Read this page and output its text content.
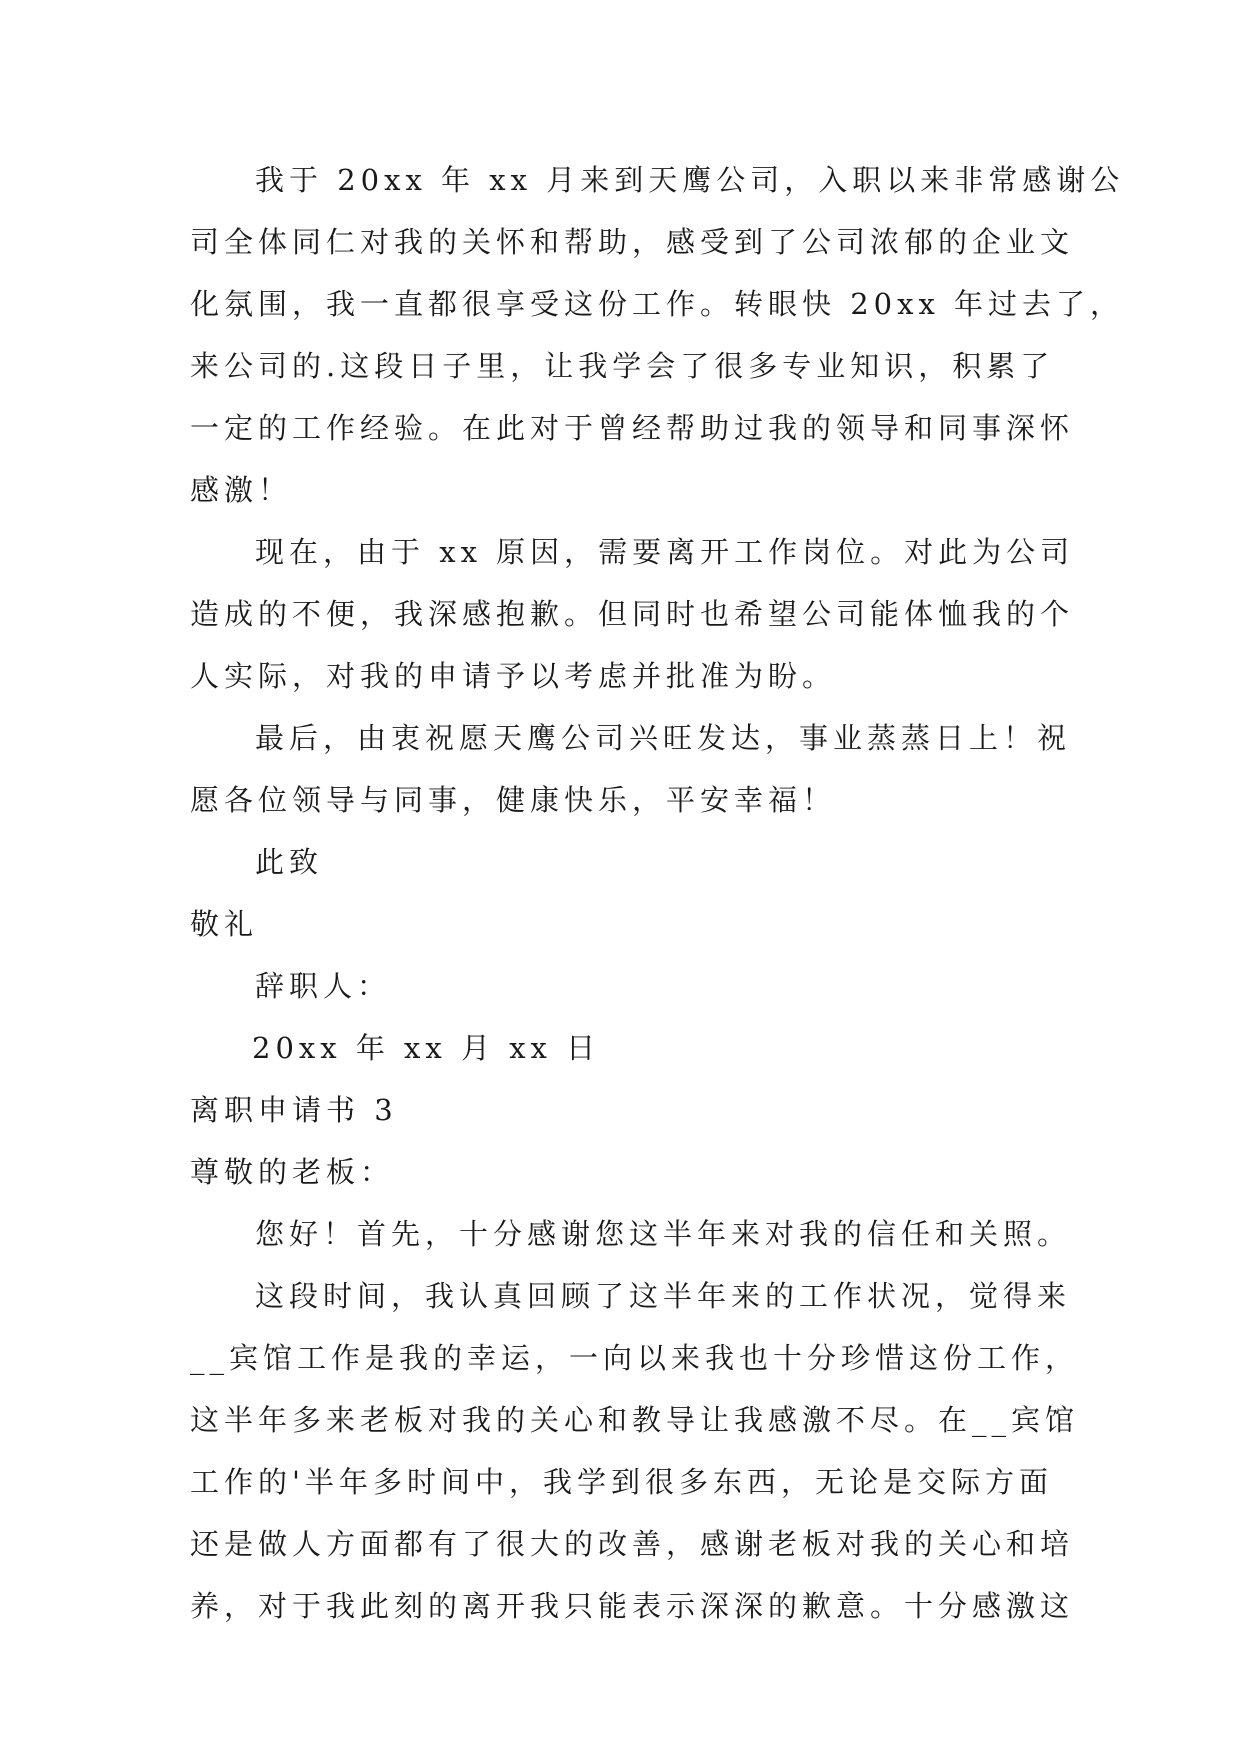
我于 20xx 年 xx 月来到天鹰公司，入职以来非常感谢公
司全体同仁对我的关怀和帮助，感受到了公司浓郁的企业文
化氛围，我一直都很享受这份工作。转眼快 20xx 年过去了，
来公司的.这段日子里，让我学会了很多专业知识，积累了
一定的工作经验。在此对于曾经帮助过我的领导和同事深怀
感激！
现在，由于 xx 原因，需要离开工作岗位。对此为公司
造成的不便，我深感抱歉。但同时也希望公司能体恤我的个
人实际，对我的申请予以考虑并批准为盼。
最后，由衷祝愿天鹰公司兴旺发达，事业蒸蒸日上！祝
愿各位领导与同事，健康快乐，平安幸福！
此致
敬礼
辞职人：
20xx 年 xx 月 xx 日
离职申请书 3
尊敬的老板：
您好！首先，十分感谢您这半年来对我的信任和关照。
这段时间，我认真回顾了这半年来的工作状况，觉得来
__宾馆工作是我的幸运，一向以来我也十分珍惜这份工作，
这半年多来老板对我的关心和教导让我感激不尽。在__宾馆
工作的'半年多时间中，我学到很多东西，无论是交际方面
还是做人方面都有了很大的改善，感谢老板对我的关心和培
养，对于我此刻的离开我只能表示深深的歉意。十分感激这
